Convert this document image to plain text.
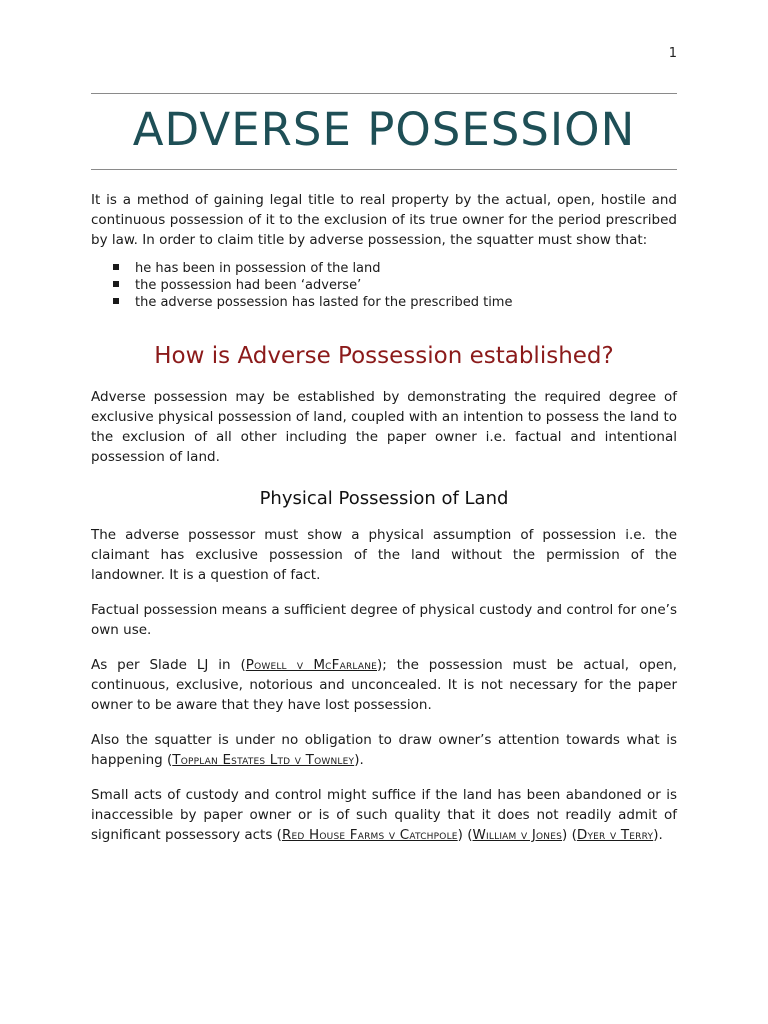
1
ADVERSE POSESSION

It is a method of gaining legal title to real property by the actual, open, hostile and continuous possession of it to the exclusion of its true owner for the period prescribed by law. In order to claim title by adverse possession, the squatter must show that:

he has been in possession of the land
the possession had been ‘adverse’
the adverse possession has lasted for the prescribed time
How is Adverse Possession established?

Adverse possession may be established by demonstrating the required degree of exclusive physical possession of land, coupled with an intention to possess the land to the exclusion of all other including the paper owner i.e. factual and intentional possession of land.

Physical Possession of Land

The adverse possessor must show a physical assumption of possession i.e. the claimant has exclusive possession of the land without the permission of the landowner. It is a question of fact.

Factual possession means a sufficient degree of physical custody and control for one’s own use.

As per Slade LJ in (Powell v McFarlane); the possession must be actual, open, continuous, exclusive, notorious and unconcealed. It is not necessary for the paper owner to be aware that they have lost possession.

Also the squatter is under no obligation to draw owner’s attention towards what is happening (Topplan Estates Ltd v Townley).

Small acts of custody and control might suffice if the land has been abandoned or is inaccessible by paper owner or is of such quality that it does not readily admit of significant possessory acts (Red House Farms v Catchpole) (William v Jones) (Dyer v Terry).
